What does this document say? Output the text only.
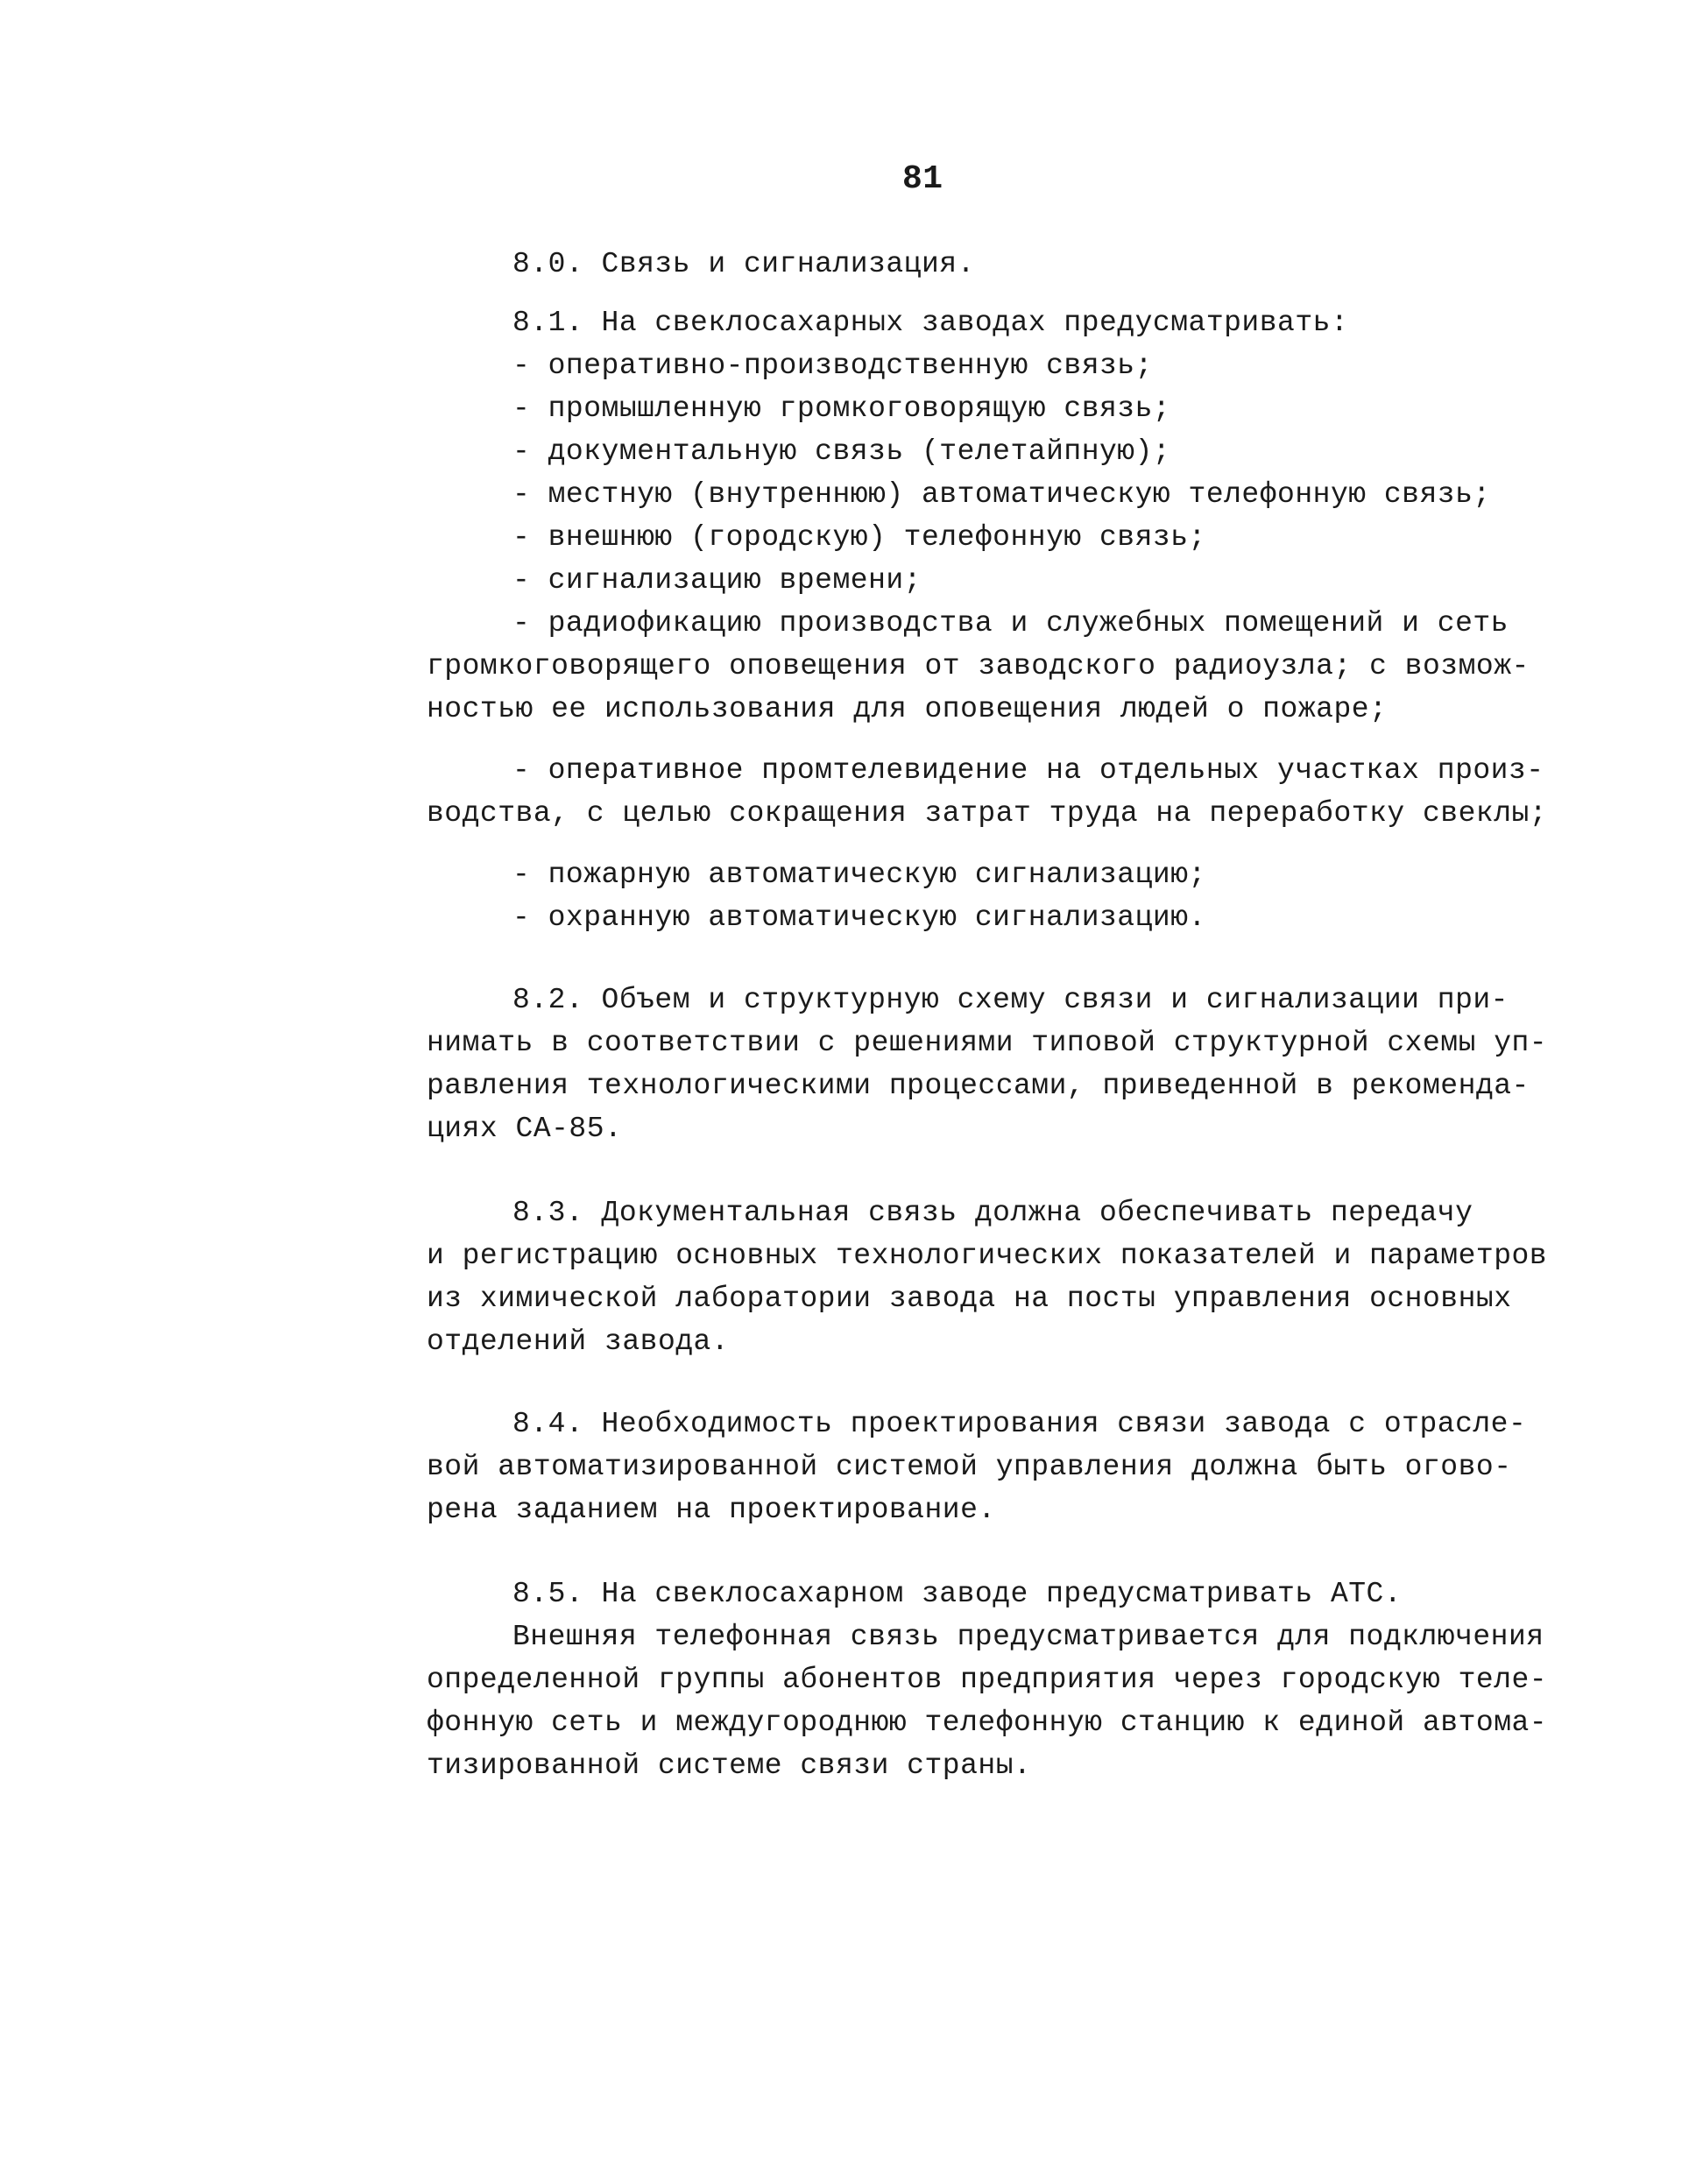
81
8.0. Связь и сигнализация.
8.1. На свеклосахарных заводах предусматривать:
- оперативно-производственную связь;
- промышленную громкоговорящую связь;
- документальную связь (телетайпную);
- местную (внутреннюю) автоматическую телефонную связь;
- внешнюю (городскую) телефонную связь;
- сигнализацию времени;
- радиофикацию производства и служебных помещений и сеть
громкоговорящего оповещения от заводского радиоузла; с возмож-
ностью ее использования для оповещения людей о пожаре;
- оперативное промтелевидение на отдельных участках произ-
водства, с целью сокращения затрат труда на переработку свеклы;
- пожарную автоматическую сигнализацию;
- охранную автоматическую сигнализацию.
8.2. Объем и структурную схему связи и сигнализации при-
нимать в соответствии с решениями типовой структурной схемы уп-
равления технологическими процессами, приведенной в рекоменда-
циях СА-85.
8.3. Документальная связь должна обеспечивать передачу
и регистрацию основных технологических показателей и параметров
из химической лаборатории завода на посты управления основных
отделений завода.
8.4. Необходимость проектирования связи завода с отрасле-
вой автоматизированной системой управления должна быть огово-
рена заданием на проектирование.
8.5. На свеклосахарном заводе предусматривать АТС.
Внешняя телефонная связь предусматривается для подключения
определенной группы абонентов предприятия через городскую теле-
фонную сеть и междугороднюю телефонную станцию к единой автома-
тизированной системе связи страны.
